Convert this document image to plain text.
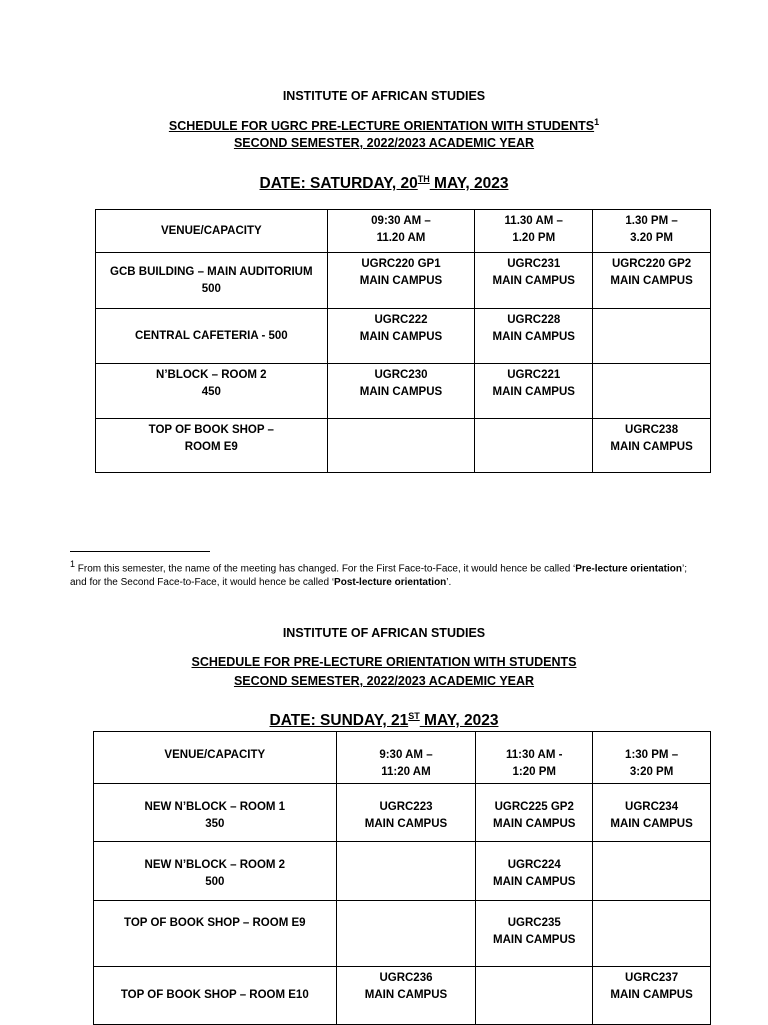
INSTITUTE OF AFRICAN STUDIES
SCHEDULE FOR UGRC PRE-LECTURE ORIENTATION WITH STUDENTS$^1$
SECOND SEMESTER, 2022/2023 ACADEMIC YEAR
DATE: SATURDAY, 20TH MAY, 2023
VENUE/CAPACITY	09:30 AM –
11.20 AM	11.30 AM –
1.20 PM	1.30 PM –
3.20 PM

GCB BUILDING – MAIN AUDITORIUM
500	UGRC220 GP1
MAIN CAMPUS	UGRC231
MAIN CAMPUS	UGRC220 GP2
MAIN CAMPUS

CENTRAL CAFETERIA - 500	UGRC222
MAIN CAMPUS	UGRC228
MAIN CAMPUS	

N’BLOCK – ROOM 2
450	UGRC230
MAIN CAMPUS	UGRC221
MAIN CAMPUS	

TOP OF BOOK SHOP –
ROOM E9			UGRC238
MAIN CAMPUS
$^1$ From this semester, the name of the meeting has changed. For the First Face-to-Face, it would hence be called ‘Pre-lecture orientation’; and for the Second Face-to-Face, it would hence be called ‘Post-lecture orientation’.
INSTITUTE OF AFRICAN STUDIES
SCHEDULE FOR PRE-LECTURE ORIENTATION WITH STUDENTS
SECOND SEMESTER, 2022/2023 ACADEMIC YEAR
DATE: SUNDAY, 21ST MAY, 2023
VENUE/CAPACITY	9:30 AM –
11:20 AM	11:30 AM -
1:20 PM	1:30 PM –
3:20 PM

NEW N’BLOCK – ROOM 1
350	UGRC223
MAIN CAMPUS	UGRC225 GP2
MAIN CAMPUS	UGRC234
MAIN CAMPUS

NEW N’BLOCK – ROOM 2
500		UGRC224
MAIN CAMPUS	

TOP OF BOOK SHOP – ROOM E9		UGRC235
MAIN CAMPUS	

TOP OF BOOK SHOP – ROOM E10	UGRC236
MAIN CAMPUS		UGRC237
MAIN CAMPUS
